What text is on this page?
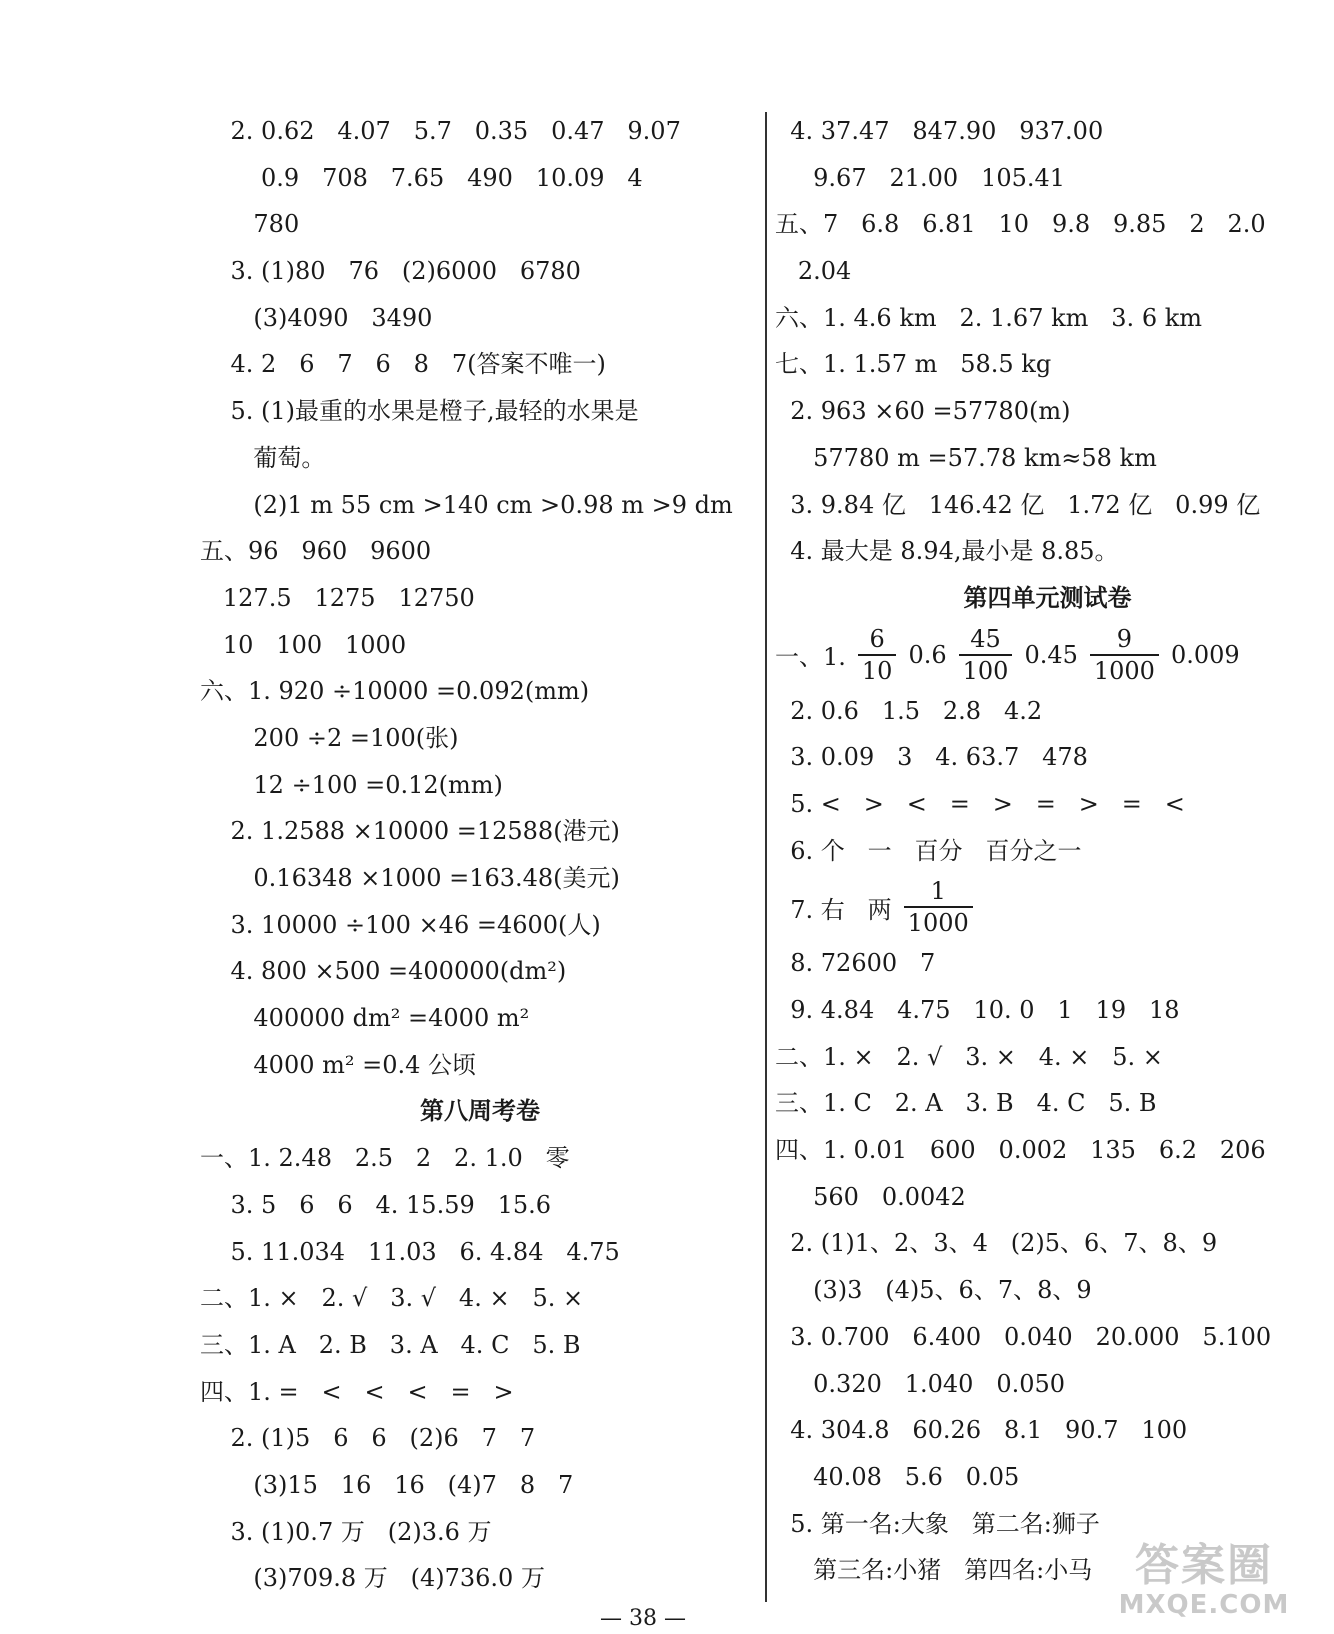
2. 0.62   4.07   5.7   0.35   0.47   9.07
0.9   708   7.65   490   10.09   4
780
3. (1)80   76   (2)6000   6780
(3)4090   3490
4. 2   6   7   6   8   7(答案不唯一)
5. (1)最重的水果是橙子,最轻的水果是
葡萄。
(2)1 m 55 cm >140 cm >0.98 m >9 dm
五、96   960   9600
127.5   1275   12750
10   100   1000
六、1. 920 ÷10000 =0.092(mm)
200 ÷2 =100(张)
12 ÷100 =0.12(mm)
2. 1.2588 ×10000 =12588(港元)
0.16348 ×1000 =163.48(美元)
3. 10000 ÷100 ×46 =4600(人)
4. 800 ×500 =400000(dm²)
400000 dm² =4000 m²
4000 m² =0.4 公顷
第八周考卷
一、1. 2.48   2.5   2   2. 1.0   零
3. 5   6   6   4. 15.59   15.6
5. 11.034   11.03   6. 4.84   4.75
二、1. ×   2. √   3. √   4. ×   5. ×
三、1. A   2. B   3. A   4. C   5. B
四、1. =   <   <   <   =   >
2. (1)5   6   6   (2)6   7   7
(3)15   16   16   (4)7   8   7
3. (1)0.7 万   (2)3.6 万
(3)709.8 万   (4)736.0 万
4. 37.47   847.90   937.00
9.67   21.00   105.41
五、7   6.8   6.81   10   9.8   9.85   2   2.0
2.04
六、1. 4.6 km   2. 1.67 km   3. 6 km
七、1. 1.57 m   58.5 kg
2. 963 ×60 =57780(m)
57780 m =57.78 km≈58 km
3. 9.84 亿   146.42 亿   1.72 亿   0.99 亿
4. 最大是 8.94,最小是 8.85。
第四单元测试卷
一、1. $\frac{6}{10} 0.6 \frac{45}{100} 0.45 \frac{9}{1000} 0.009$
2. 0.6   1.5   2.8   4.2
3. 0.09   3   4. 63.7   478
5. <   >   <   =   >   =   >   =   <
6. 个   一   百分   百分之一
7. 右   两 $\frac{1}{1000}$
8. 72600   7
9. 4.84   4.75   10. 0   1   19   18
二、1. ×   2. √   3. ×   4. ×   5. ×
三、1. C   2. A   3. B   4. C   5. B
四、1. 0.01   600   0.002   135   6.2   206
560   0.0042
2. (1)1、2、3、4   (2)5、6、7、8、9
(3)3   (4)5、6、7、8、9
3. 0.700   6.400   0.040   20.000   5.100
0.320   1.040   0.050
4. 304.8   60.26   8.1   90.7   100
40.08   5.6   0.05
5. 第一名:大象   第二名:狮子
第三名:小猪   第四名:小马
— 38 —
答案圈
MXQE.COM
